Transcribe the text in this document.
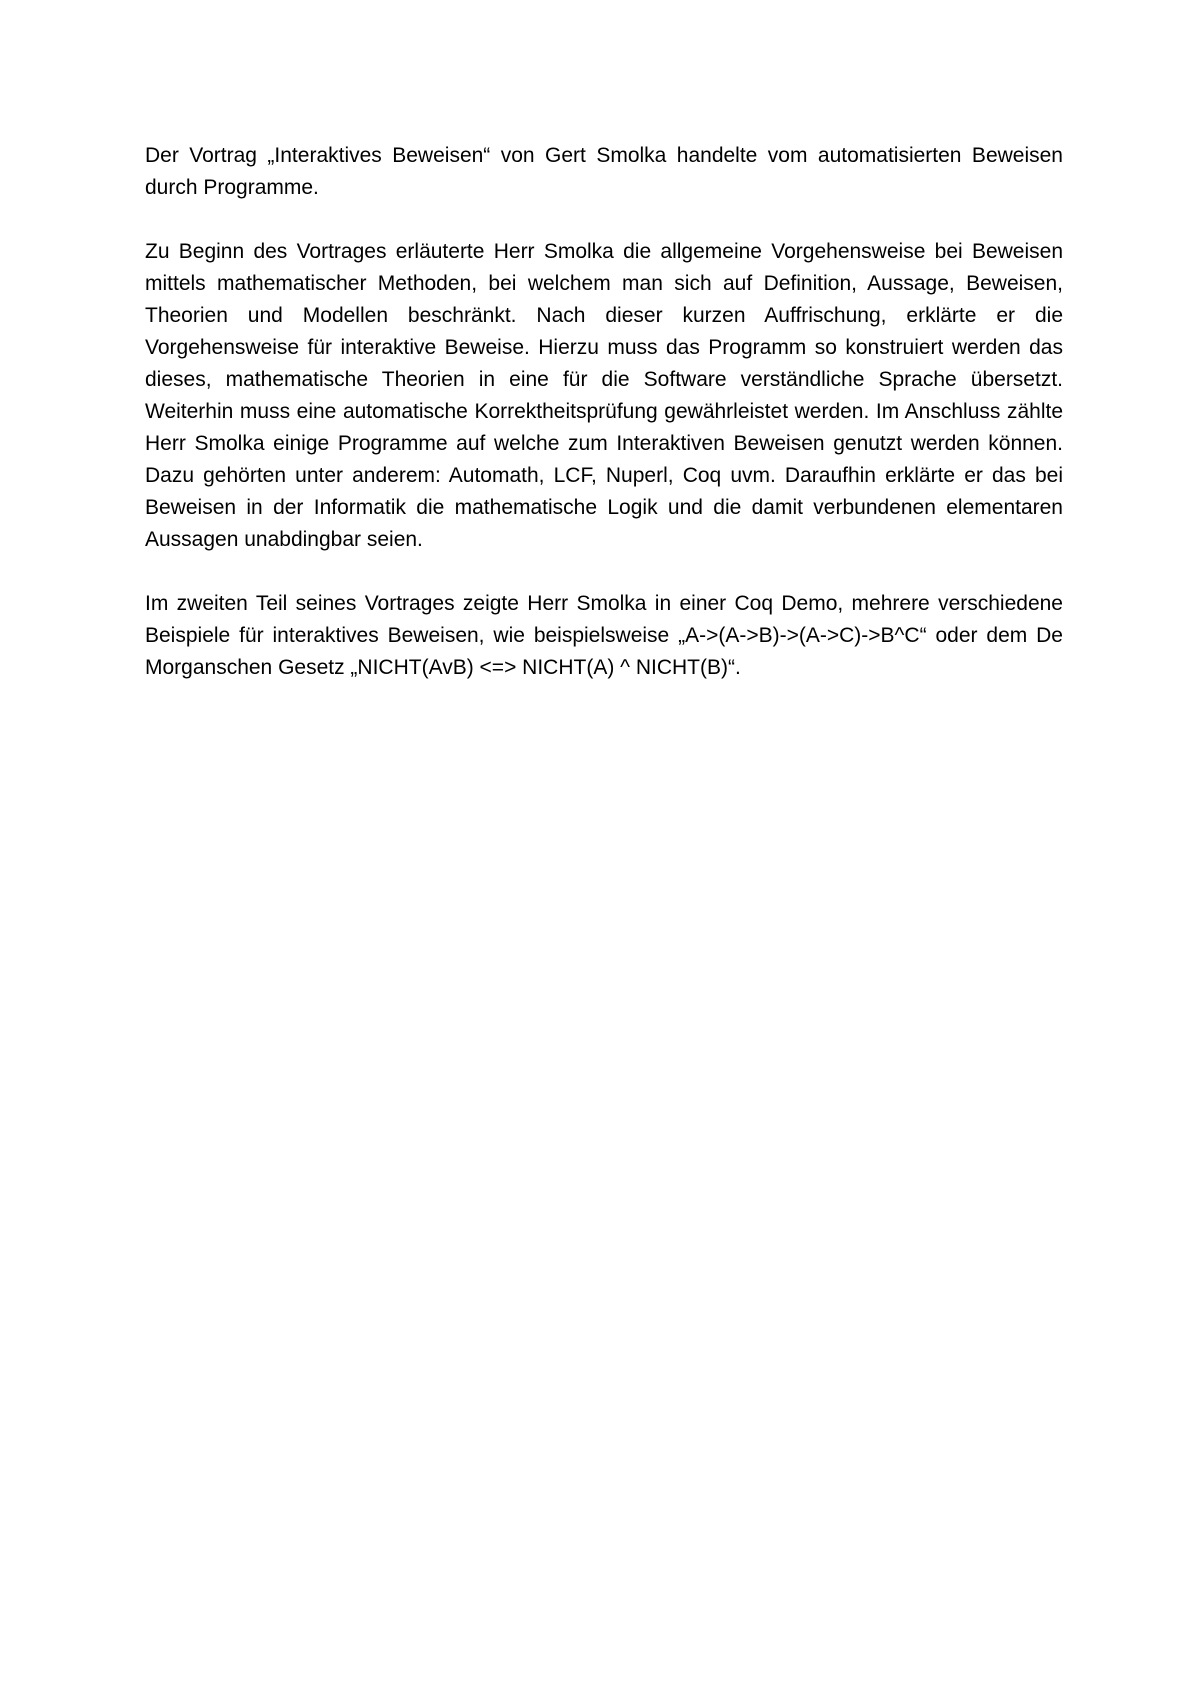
Der Vortrag „Interaktives Beweisen“ von Gert Smolka handelte vom automatisierten Beweisen durch Programme.

Zu Beginn des Vortrages erläuterte Herr Smolka die allgemeine Vorgehensweise bei Beweisen mittels mathematischer Methoden, bei welchem man sich auf Definition, Aussage, Beweisen, Theorien und Modellen beschränkt. Nach dieser kurzen Auffrischung, erklärte er die Vorgehensweise für interaktive Beweise. Hierzu muss das Programm so konstruiert werden das dieses, mathematische Theorien in eine für die Software verständliche Sprache übersetzt. Weiterhin muss eine automatische Korrektheitsprüfung gewährleistet werden. Im Anschluss zählte Herr Smolka einige Programme auf welche zum Interaktiven Beweisen genutzt werden können. Dazu gehörten unter anderem: Automath, LCF, Nuperl, Coq uvm. Daraufhin erklärte er das bei Beweisen in der Informatik die mathematische Logik und die damit verbundenen elementaren Aussagen unabdingbar seien.

Im zweiten Teil seines Vortrages zeigte Herr Smolka in einer Coq Demo, mehrere verschiedene Beispiele für interaktives Beweisen, wie beispielsweise „A->(A->B)->(A->C)->B^C“ oder dem De Morganschen Gesetz „NICHT(AvB) <=> NICHT(A) ^ NICHT(B)“.
